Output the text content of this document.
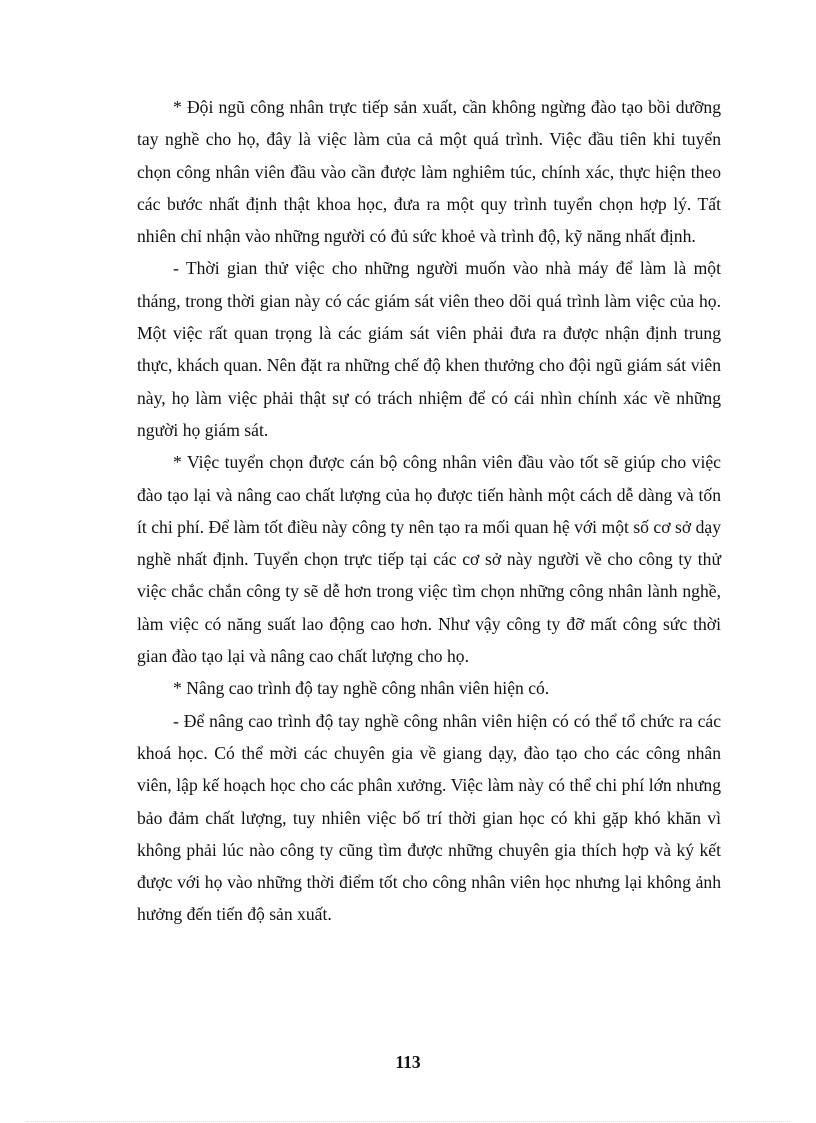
* Đội ngũ công nhân trực tiếp sản xuất, cần không ngừng đào tạo bồi dưỡng tay nghề cho họ, đây là việc làm của cả một quá trình. Việc đầu tiên khi tuyển chọn công nhân viên đầu vào cần được làm nghiêm túc, chính xác, thực hiện theo các bước nhất định thật khoa học, đưa ra một quy trình tuyển chọn hợp lý. Tất nhiên chỉ nhận vào những người có đủ sức khoẻ và trình độ, kỹ năng nhất định.

- Thời gian thử việc cho những người muốn vào nhà máy để làm là một tháng, trong thời gian này có các giám sát viên theo dõi quá trình làm việc của họ. Một việc rất quan trọng là các giám sát viên phải đưa ra được nhận định trung thực, khách quan. Nên đặt ra những chế độ khen thưởng cho đội ngũ giám sát viên này, họ làm việc phải thật sự có trách nhiệm để có cái nhìn chính xác về những người họ giám sát.

* Việc tuyển chọn được cán bộ công nhân viên đầu vào tốt sẽ giúp cho việc đào tạo lại và nâng cao chất lượng của họ được tiến hành một cách dễ dàng và tốn ít chi phí. Để làm tốt điều này công ty nên tạo ra mối quan hệ với một số cơ sở dạy nghề nhất định. Tuyển chọn trực tiếp tại các cơ sở này người về cho công ty thử việc chắc chắn công ty sẽ dễ hơn trong việc tìm chọn những công nhân lành nghề, làm việc có năng suất lao động cao hơn. Như vậy công ty đỡ mất công sức thời gian đào tạo lại và nâng cao chất lượng cho họ.

* Nâng cao trình độ tay nghề công nhân viên hiện có.

- Để nâng cao trình độ tay nghề công nhân viên hiện có có thể tổ chức ra các khoá học. Có thể mời các chuyên gia về giang dạy, đào tạo cho các công nhân viên, lập kế hoạch học cho các phân xưởng. Việc làm này có thể chi phí lớn nhưng bảo đảm chất lượng, tuy nhiên việc bố trí thời gian học có khi gặp khó khăn vì không phải lúc nào công ty cũng tìm được những chuyên gia thích hợp và ký kết được với họ vào những thời điểm tốt cho công nhân viên học nhưng lại không ảnh hưởng đến tiến độ sản xuất.

113
